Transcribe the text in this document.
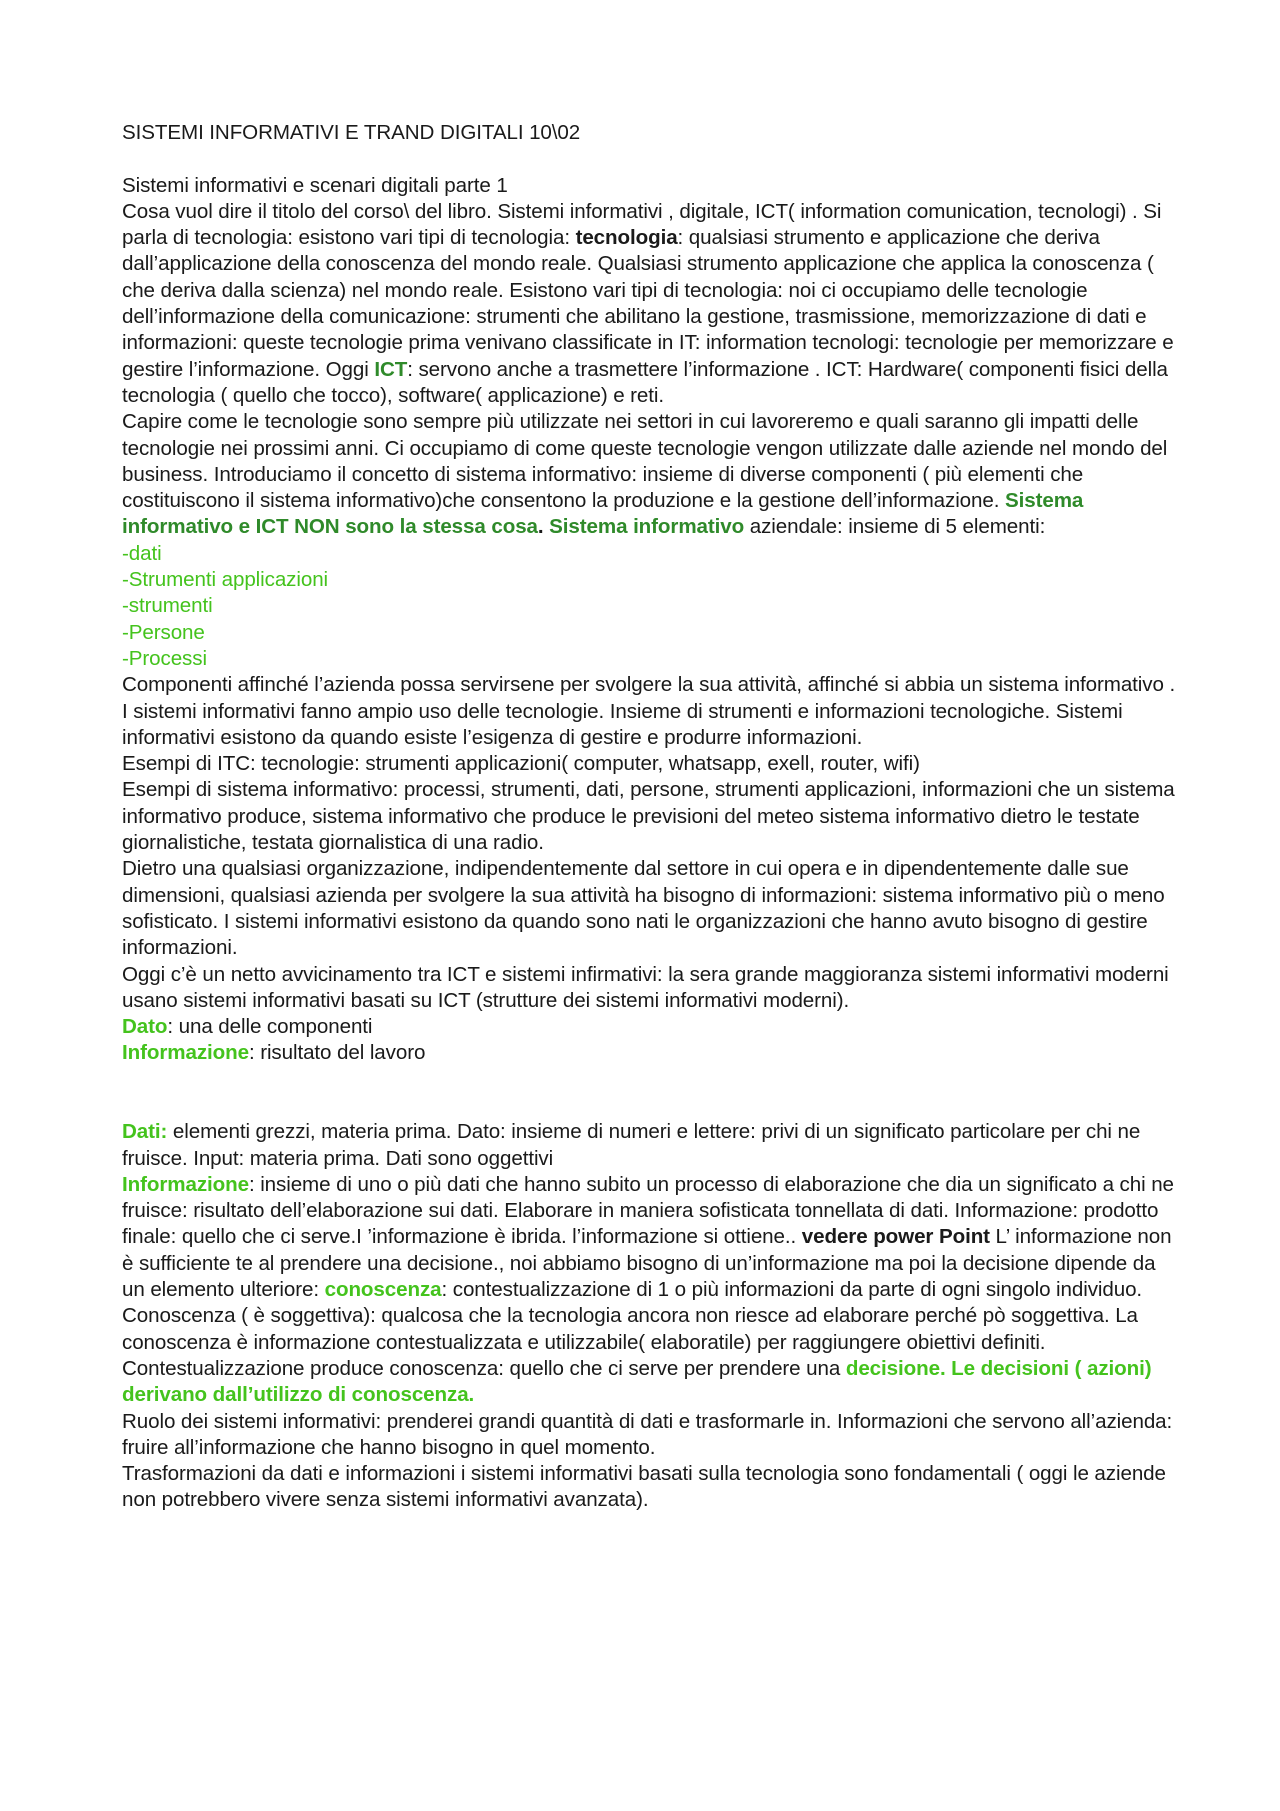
SISTEMI INFORMATIVI E TRAND DIGITALI 10\02

Sistemi informativi e scenari digitali parte 1

Cosa vuol dire il titolo del corso\ del libro. Sistemi informativi , digitale, ICT( information comunication, tecnologi) . Si parla di tecnologia: esistono vari tipi di tecnologia: tecnologia: qualsiasi strumento e applicazione che deriva dall’applicazione della conoscenza del mondo reale. Qualsiasi strumento applicazione che applica la conoscenza ( che deriva dalla scienza) nel mondo reale. Esistono vari tipi di tecnologia: noi ci occupiamo delle tecnologie dell’informazione della comunicazione: strumenti che abilitano la gestione, trasmissione, memorizzazione di dati e informazioni: queste tecnologie prima venivano classificate in IT: information tecnologi: tecnologie per memorizzare e gestire l’informazione. Oggi ICT: servono anche a trasmettere l’informazione . ICT: Hardware( componenti fisici della tecnologia ( quello che tocco), software( applicazione) e reti.

Capire come le tecnologie sono sempre più utilizzate nei settori in cui lavoreremo e quali saranno gli impatti delle tecnologie nei prossimi anni. Ci occupiamo di come queste tecnologie vengon utilizzate dalle aziende nel mondo del business. Introduciamo il concetto di sistema informativo: insieme di diverse componenti ( più elementi che costituiscono il sistema informativo)che consentono la produzione e la gestione dell’informazione. Sistema informativo e ICT NON sono la stessa cosa. Sistema informativo aziendale: insieme di 5 elementi:

-dati

-Strumenti applicazioni

-strumenti

-Persone

-Processi

Componenti affinché l’azienda possa servirsene per svolgere la sua attività, affinché si abbia un sistema informativo . I sistemi informativi fanno ampio uso delle tecnologie. Insieme di strumenti e informazioni tecnologiche. Sistemi informativi esistono da quando esiste l’esigenza di gestire e produrre informazioni.

Esempi di ITC: tecnologie: strumenti applicazioni( computer, whatsapp, exell, router, wifi)

Esempi di sistema informativo: processi, strumenti, dati, persone, strumenti applicazioni, informazioni che un sistema informativo produce, sistema informativo che produce le previsioni del meteo sistema informativo dietro le testate giornalistiche, testata giornalistica di una radio.

Dietro una qualsiasi organizzazione, indipendentemente dal settore in cui opera e in dipendentemente dalle sue dimensioni, qualsiasi azienda per svolgere la sua attività ha bisogno di informazioni: sistema informativo più o meno sofisticato. I sistemi informativi esistono da quando sono nati le organizzazioni che hanno avuto bisogno di gestire informazioni.

Oggi c’è un netto avvicinamento tra ICT e sistemi infirmativi: la sera grande maggioranza sistemi informativi moderni usano sistemi informativi basati su ICT (strutture dei sistemi informativi moderni).

Dato: una delle componenti

Informazione: risultato del lavoro

Dati: elementi grezzi, materia prima. Dato: insieme di numeri e lettere: privi di un significato particolare per chi ne fruisce. Input: materia prima. Dati sono oggettivi

Informazione: insieme di uno o più dati che hanno subito un processo di elaborazione che dia un significato a chi ne fruisce: risultato dell’elaborazione sui dati. Elaborare in maniera sofisticata tonnellata di dati. Informazione: prodotto finale: quello che ci serve.I ’informazione è ibrida. l’informazione si ottiene.. vedere power Point L’ informazione non è sufficiente te al prendere una decisione., noi abbiamo bisogno di un’informazione ma poi la decisione dipende da un elemento ulteriore: conoscenza: contestualizzazione di 1 o più informazioni da parte di ogni singolo individuo. Conoscenza ( è soggettiva): qualcosa che la tecnologia ancora non riesce ad elaborare perché pò soggettiva. La conoscenza è informazione contestualizzata e utilizzabile( elaboratile) per raggiungere obiettivi definiti. Contestualizzazione produce conoscenza: quello che ci serve per prendere una decisione. Le decisioni ( azioni) derivano dall’utilizzo di conoscenza.

Ruolo dei sistemi informativi: prenderei grandi quantità di dati e trasformarle in. Informazioni che servono all’azienda: fruire all’informazione che hanno bisogno in quel momento.

Trasformazioni da dati e informazioni i sistemi informativi basati sulla tecnologia sono fondamentali ( oggi le aziende non potrebbero vivere senza sistemi informativi avanzata).
